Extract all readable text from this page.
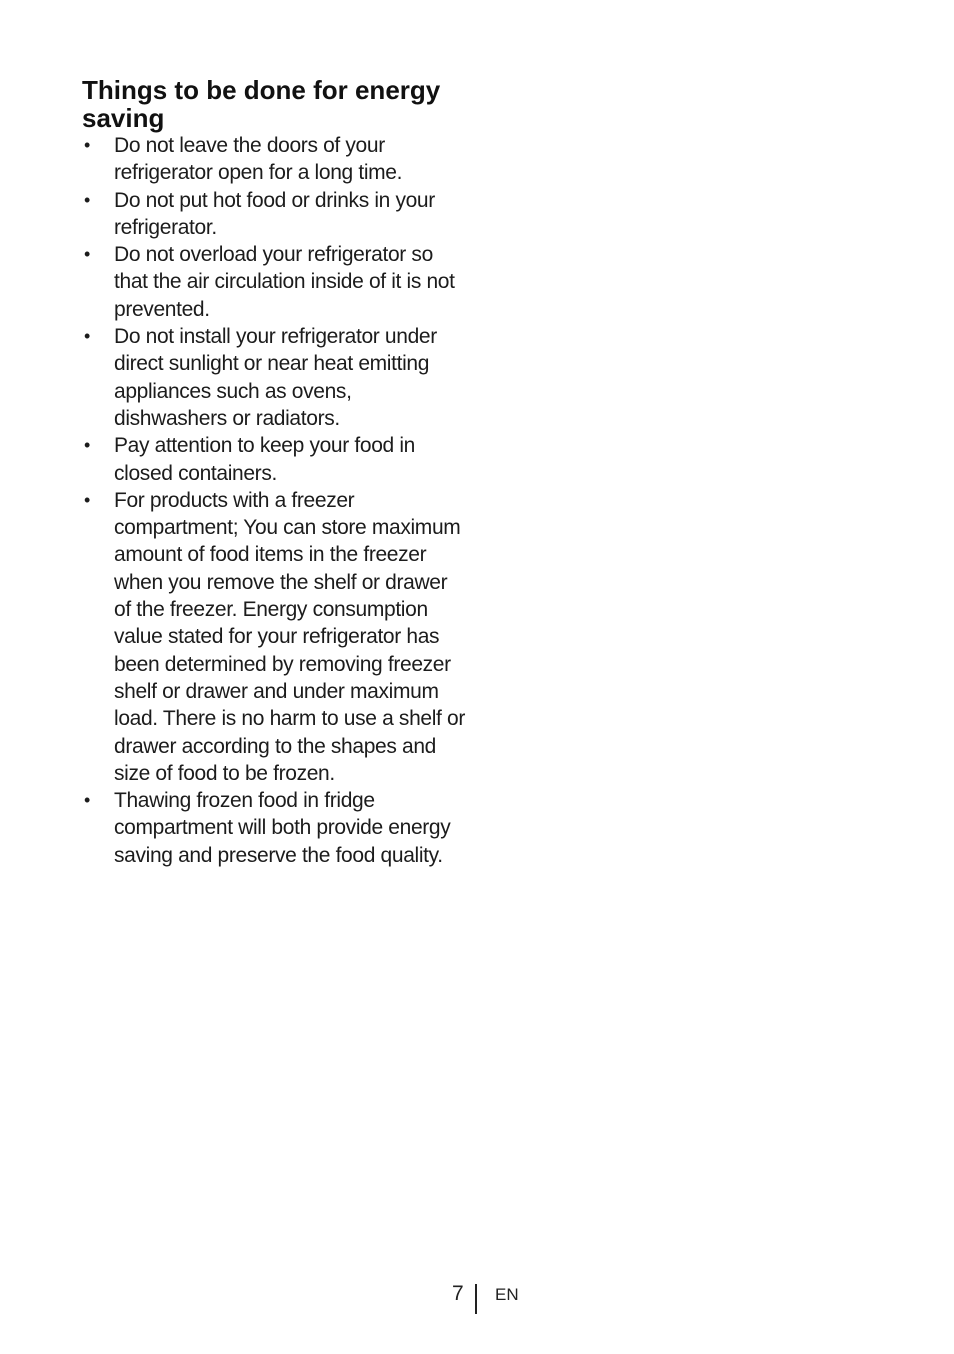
Things to be done for energy saving
• Do not leave the doors of your refrigerator open for a long time.
• Do not put hot food or drinks in your refrigerator.
• Do not overload your refrigerator so that the air circulation inside of it is not prevented.
• Do not install your refrigerator under direct sunlight or near heat emitting appliances such as ovens, dishwashers or radiators.
• Pay attention to keep your food in closed containers.
• For products with a freezer compartment; You can store maximum amount of food items in the freezer when you remove the shelf or drawer of the freezer. Energy consumption value stated for your refrigerator has been determined by removing freezer shelf or drawer and under maximum load. There is no harm to use a shelf or drawer according to the shapes and size of food to be frozen.
• Thawing frozen food in fridge compartment will both provide energy saving and preserve the food quality.
7 EN
